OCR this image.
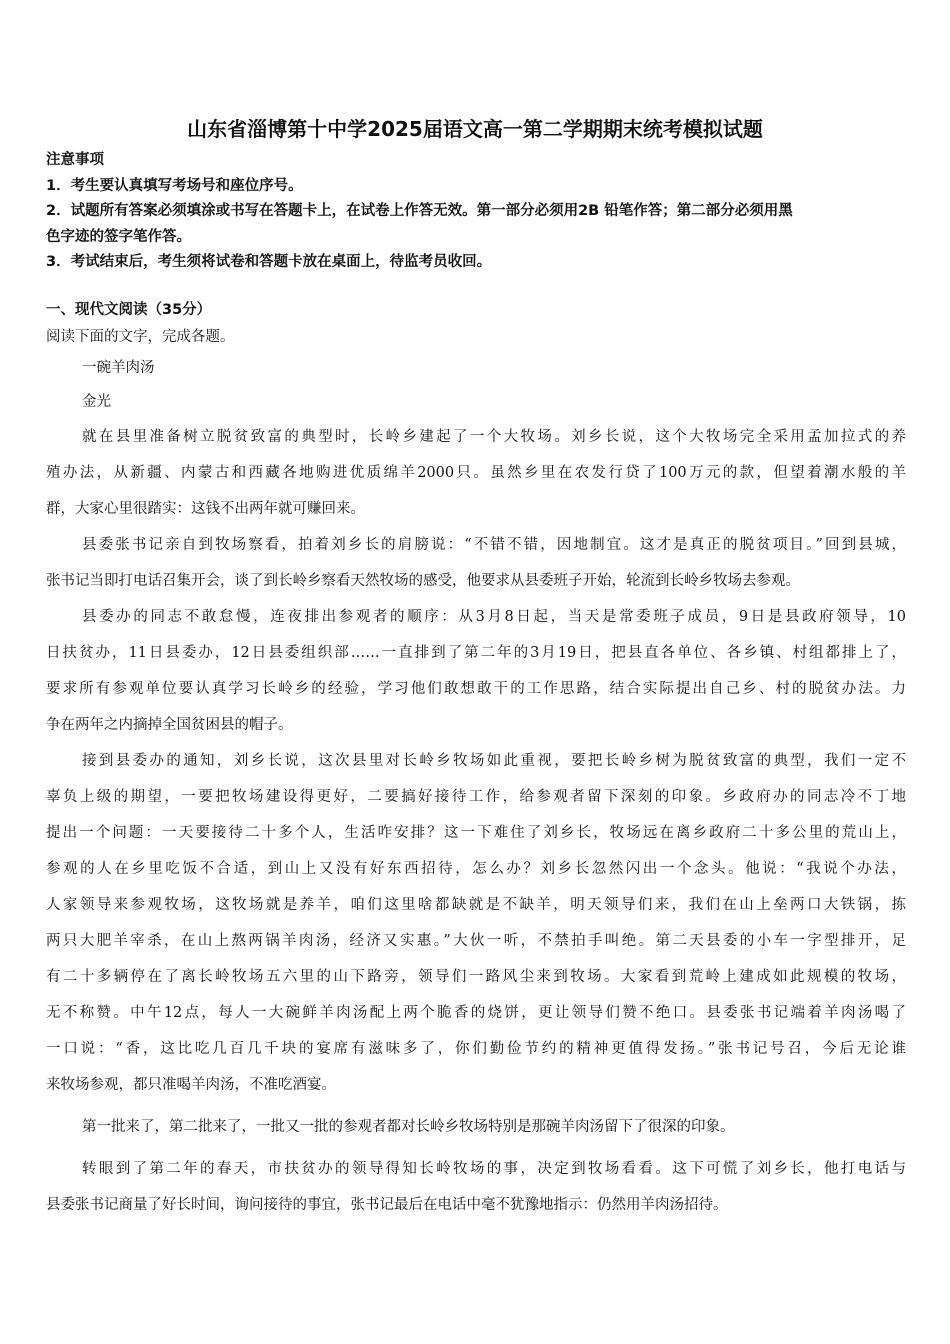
山东省淄博第十中学2025届语文高一第二学期期末统考模拟试题
注意事项
1．考生要认真填写考场号和座位序号。
2．试题所有答案必须填涂或书写在答题卡上，在试卷上作答无效。第一部分必须用2B 铅笔作答；第二部分必须用黑
色字迹的签字笔作答。
3．考试结束后，考生须将试卷和答题卡放在桌面上，待监考员收回。
一、现代文阅读（35分）
阅读下面的文字，完成各题。
一碗羊肉汤
金光
就在县里准备树立脱贫致富的典型时，长岭乡建起了一个大牧场。刘乡长说，这个大牧场完全采用孟加拉式的养
殖办法，从新疆、内蒙古和西藏各地购进优质绵羊2000只。虽然乡里在农发行贷了100万元的款，但望着潮水般的羊
群，大家心里很踏实：这钱不出两年就可赚回来。
县委张书记亲自到牧场察看，拍着刘乡长的肩膀说：“不错不错，因地制宜。这才是真正的脱贫项目。”回到县城，
张书记当即打电话召集开会，谈了到长岭乡察看天然牧场的感受，他要求从县委班子开始，轮流到长岭乡牧场去参观。
县委办的同志不敢怠慢，连夜排出参观者的顺序：从3月8日起，当天是常委班子成员，9日是县政府领导，10
日扶贫办，11日县委办，12日县委组织部……一直排到了第二年的3月19日，把县直各单位、各乡镇、村组都排上了，
要求所有参观单位要认真学习长岭乡的经验，学习他们敢想敢干的工作思路，结合实际提出自己乡、村的脱贫办法。力
争在两年之内摘掉全国贫困县的帽子。
接到县委办的通知，刘乡长说，这次县里对长岭乡牧场如此重视，要把长岭乡树为脱贫致富的典型，我们一定不
辜负上级的期望，一要把牧场建设得更好，二要搞好接待工作，给参观者留下深刻的印象。乡政府办的同志冷不丁地
提出一个问题：一天要接待二十多个人，生活咋安排？这一下难住了刘乡长，牧场远在离乡政府二十多公里的荒山上，
参观的人在乡里吃饭不合适，到山上又没有好东西招待，怎么办？刘乡长忽然闪出一个念头。他说：“我说个办法，
人家领导来参观牧场，这牧场就是养羊，咱们这里啥都缺就是不缺羊，明天领导们来，我们在山上垒两口大铁锅，拣
两只大肥羊宰杀，在山上熬两锅羊肉汤，经济又实惠。”大伙一听，不禁拍手叫绝。第二天县委的小车一字型排开，足
有二十多辆停在了离长岭牧场五六里的山下路旁，领导们一路风尘来到牧场。大家看到荒岭上建成如此规模的牧场，
无不称赞。中午12点，每人一大碗鲜羊肉汤配上两个脆香的烧饼，更让领导们赞不绝口。县委张书记端着羊肉汤喝了
一口说：“香，这比吃几百几千块的宴席有滋味多了，你们勤俭节约的精神更值得发扬。”张书记号召，今后无论谁
来牧场参观，都只准喝羊肉汤，不准吃酒宴。
第一批来了，第二批来了，一批又一批的参观者都对长岭乡牧场特别是那碗羊肉汤留下了很深的印象。
转眼到了第二年的春天，市扶贫办的领导得知长岭牧场的事，决定到牧场看看。这下可慌了刘乡长，他打电话与
县委张书记商量了好长时间，询问接待的事宜，张书记最后在电话中毫不犹豫地指示：仍然用羊肉汤招待。
